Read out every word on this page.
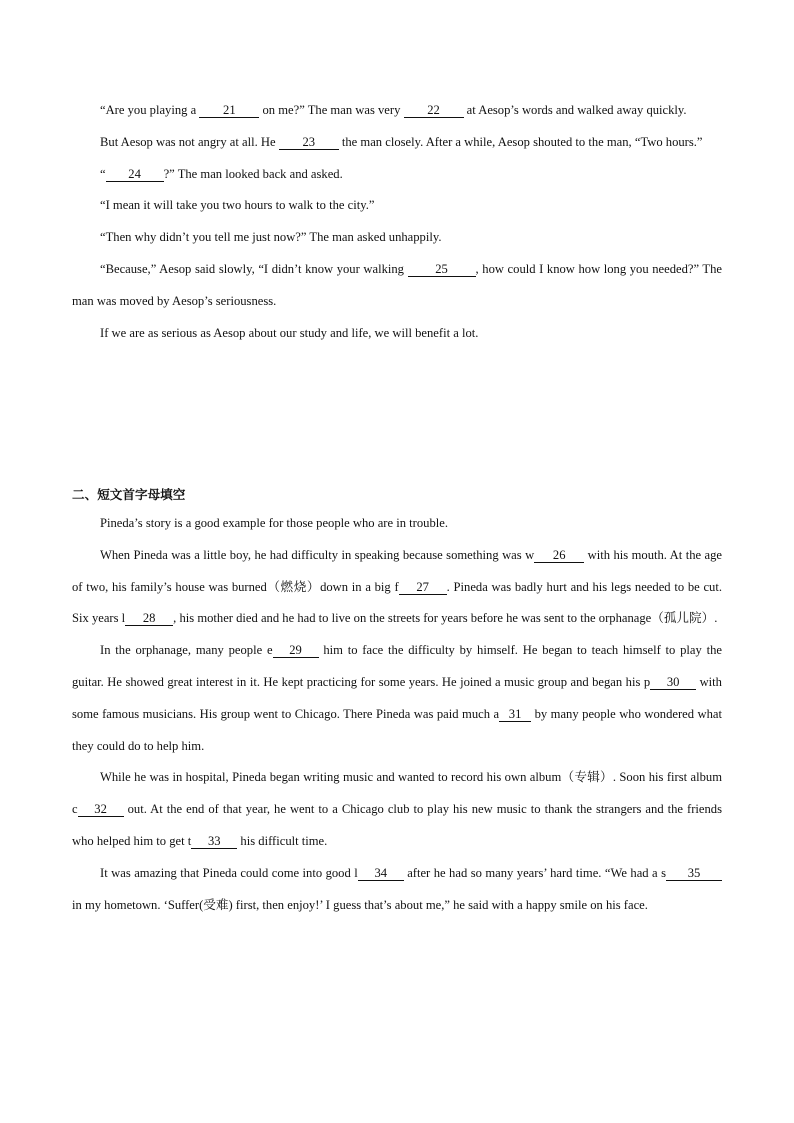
“Are you playing a 21 on me?” The man was very 22 at Aesop’s words and walked away quickly.

But Aesop was not angry at all. He 23 the man closely. After a while, Aesop shouted to the man, “Two hours.”

“ 24 ?” The man looked back and asked.

“I mean it will take you two hours to walk to the city.”

“Then why didn’t you tell me just now?” The man asked unhappily.

“Because,” Aesop said slowly, “I didn’t know your walking 25 , how could I know how long you needed?” The man was moved by Aesop’s seriousness.

If we are as serious as Aesop about our study and life, we will benefit a lot.

二、短文首字母填空

Pineda’s story is a good example for those people who are in trouble.

When Pineda was a little boy, he had difficulty in speaking because something was w 26 with his mouth. At the age of two, his family’s house was burned（燃烧）down in a big f 27 . Pineda was badly hurt and his legs needed to be cut. Six years l 28 , his mother died and he had to live on the streets for years before he was sent to the orphanage（孤儿院）.

In the orphanage, many people e 29 him to face the difficulty by himself. He began to teach himself to play the guitar. He showed great interest in it. He kept practicing for some years. He joined a music group and began his p 30 with some famous musicians. His group went to Chicago. There Pineda was paid much a 31 by many people who wondered what they could do to help him.

While he was in hospital, Pineda began writing music and wanted to record his own album（专辑）. Soon his first album c 32 out. At the end of that year, he went to a Chicago club to play his new music to thank the strangers and the friends who helped him to get t 33 his difficult time.

It was amazing that Pineda could come into good l 34 after he had so many years’ hard time. “We had a s 35 in my hometown. ‘Suffer(受难) first, then enjoy!’ I guess that’s about me,” he said with a happy smile on his face.
